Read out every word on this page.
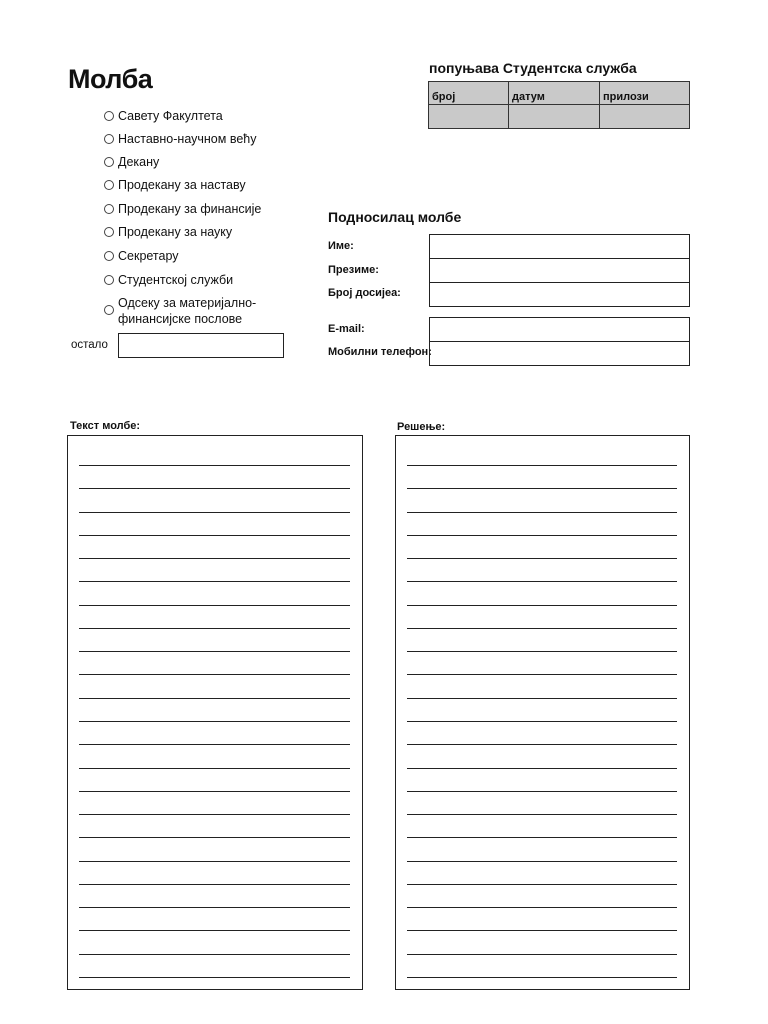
Молба
Савету Факултета
Наставно-научном већу
Декану
Продекану за наставу
Продекану за финансије
Продекану за науку
Секретару
Студентској служби
Одсеку за материјално-
финансијске послове
остало
попуњава Студентска служба
број	датум	прилози

Подносилац молбе
Име:
Презиме:
Број досијеа:
E-mail:
Мобилни телефон:
Текст молбе:	Решење:
